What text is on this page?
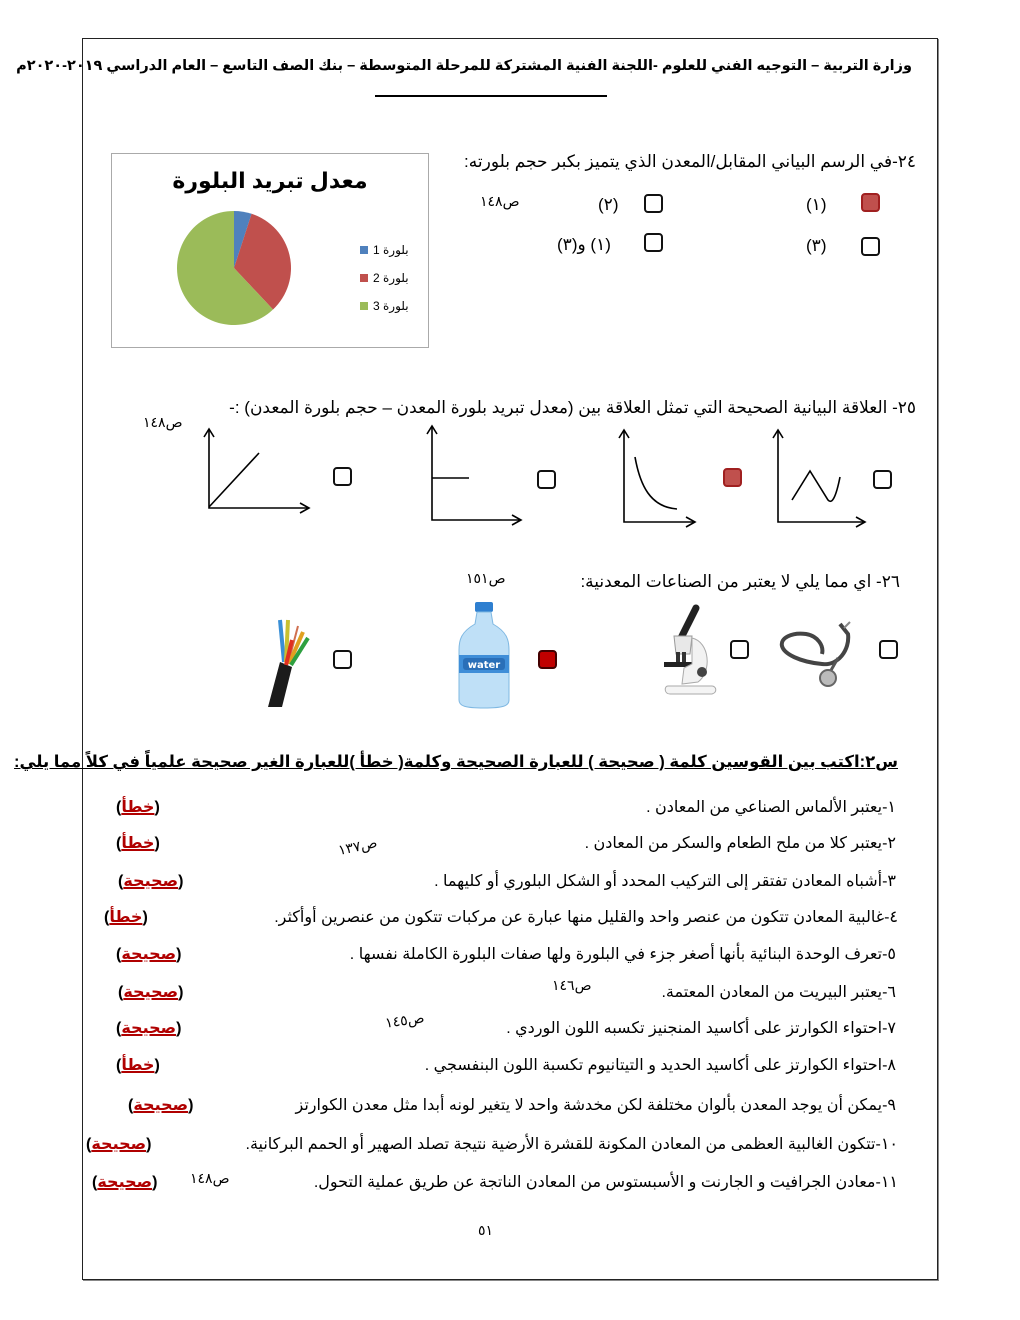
وزارة التربية – التوجيه الفني للعلوم -اللجنة الفنية المشتركة للمرحلة المتوسطة – بنك الصف التاسع – العام الدراسي ٢٠١٩-٢٠٢٠م
معدل تبريد البلورة
بلورة 1
بلورة 2
بلورة 3
٢٤-في الرسم البياني المقابل/المعدن الذي يتميز بكبر حجم بلورته:
ص١٤٨	(١)
(٢)
(٣)
(١) و(٣)
٢٥- العلاقة البيانية الصحيحة التي تمثل العلاقة بين (معدل تبريد بلورة المعدن – حجم بلورة المعدن) :-
ص١٤٨
٢٦- اي مما يلي لا يعتبر من الصناعات المعدنية:
ص١٥١
water
س٢:اكتب بين القوسين كلمة ( صحيحة ) للعبارة الصحيحة وكلمة( خطأ )للعبارة الغير صحيحة علمياً في كلاً مما يلي:
١-يعتبر الألماس الصناعي من المعادن .
(خطأ)
٢-يعتبر كلا من ملح الطعام والسكر من المعادن .
(خطأ)	ص١٣٧
٣-أشباه المعادن تفتقر إلى التركيب المحدد أو الشكل البلوري أو كليهما .
(صحيحة)
٤-غالبية المعادن تتكون من عنصر واحد والقليل منها عبارة عن مركبات تتكون من عنصرين أوأكثر.
(خطأ)
٥-تعرف الوحدة البنائية بأنها أصغر جزء في البلورة ولها صفات البلورة الكاملة نفسها .
(صحيحة)
٦-يعتبر البيريت من المعادن المعتمة.
(صحيحة)	ص١٤٦
٧-احتواء الكوارتز على أكاسيد المنجنيز تكسبه اللون الوردي .
(صحيحة)	ص١٤٥
٨-احتواء الكوارتز على أكاسيد الحديد و التيتانيوم تكسبة اللون البنفسجي .
(خطأ)
٩-يمكن أن يوجد المعدن بألوان مختلفة لكن مخدشة واحد لا يتغير لونه أبدا مثل معدن الكوارتز
(صحيحة)
١٠-تتكون الغالبية العظمى من المعادن المكونة للقشرة الأرضية نتيجة تصلد الصهير أو الحمم البركانية.
(صحيحة)
١١-معادن الجرافيت و الجارنت و الأسبستوس من المعادن الناتجة عن طريق عملية التحول.
(صحيحة) ص١٤٨
٥١
